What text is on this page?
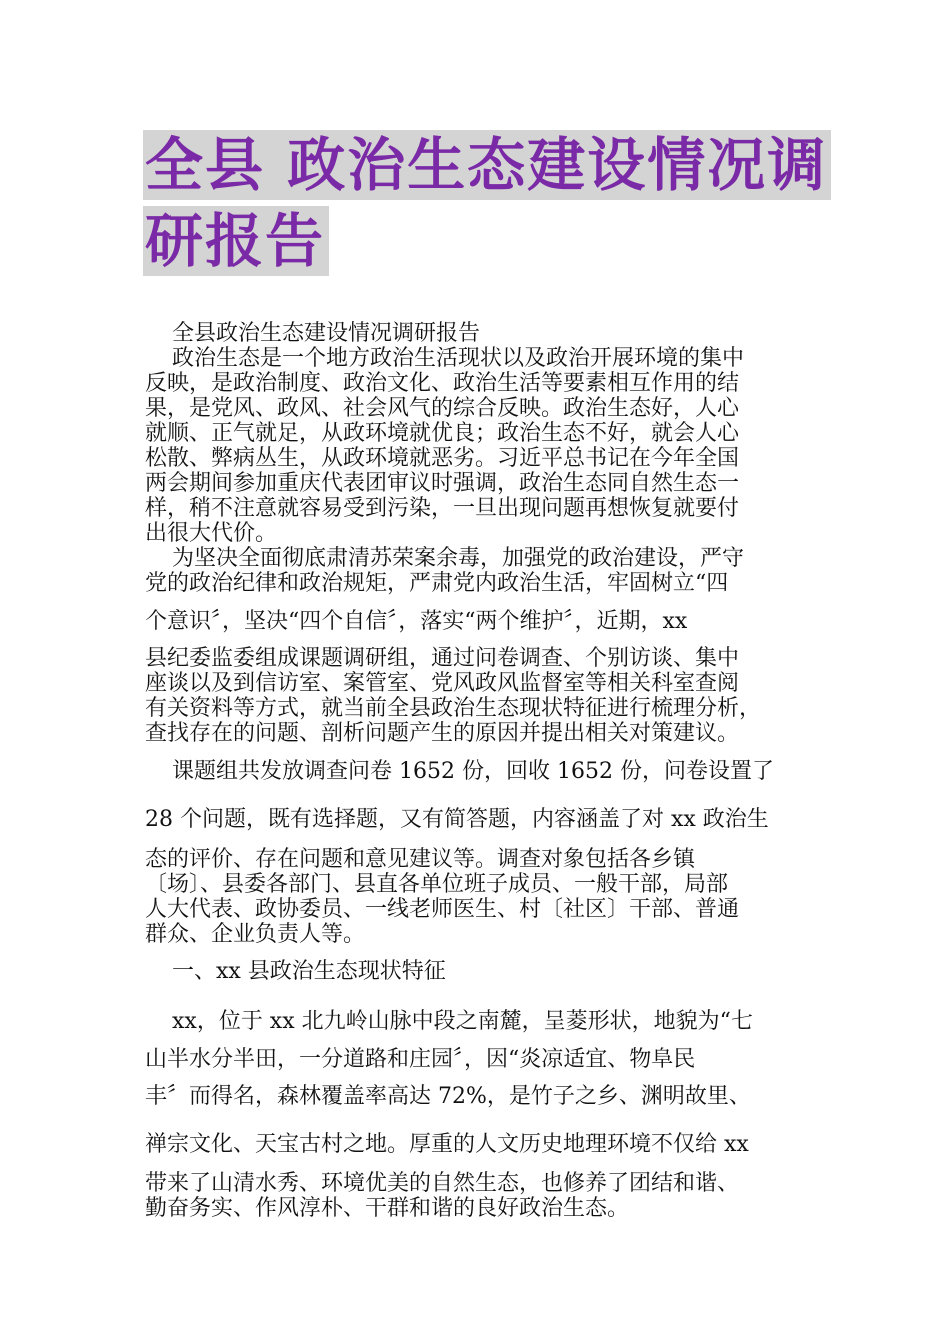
全县 政治生态建设情况调
研报告
全县政治生态建设情况调研报告
政治生态是一个地方政治生活现状以及政治开展环境的集中
反映，是政治制度、政治文化、政治生活等要素相互作用的结
果，是党风、政风、社会风气的综合反映。政治生态好，人心
就顺、正气就足，从政环境就优良；政治生态不好，就会人心
松散、弊病丛生，从政环境就恶劣。习近平总书记在今年全国
两会期间参加重庆代表团审议时强调，政治生态同自然生态一
样，稍不注意就容易受到污染，一旦出现问题再想恢复就要付
出很大代价。
为坚决全面彻底肃清苏荣案余毒，加强党的政治建设，严守
党的政治纪律和政治规矩，严肃党内政治生活，牢固树立“四
个意识〞，坚决“四个自信〞，落实“两个维护〞，近期，xx
县纪委监委组成课题调研组，通过问卷调查、个别访谈、集中
座谈以及到信访室、案管室、党风政风监督室等相关科室查阅
有关资料等方式，就当前全县政治生态现状特征进行梳理分析，
查找存在的问题、剖析问题产生的原因并提出相关对策建议。
课题组共发放调查问卷 1652 份，回收 1652 份，问卷设置了
28 个问题，既有选择题，又有简答题，内容涵盖了对 xx 政治生
态的评价、存在问题和意见建议等。调查对象包括各乡镇
〔场〕、县委各部门、县直各单位班子成员、一般干部，局部
人大代表、政协委员、一线老师医生、村〔社区〕干部、普通
群众、企业负责人等。
一、xx 县政治生态现状特征
xx，位于 xx 北九岭山脉中段之南麓，呈菱形状，地貌为“七
山半水分半田，一分道路和庄园〞，因“炎凉适宜、物阜民
丰〞而得名，森林覆盖率高达 72%，是竹子之乡、渊明故里、
禅宗文化、天宝古村之地。厚重的人文历史地理环境不仅给 xx
带来了山清水秀、环境优美的自然生态，也修养了团结和谐、
勤奋务实、作风淳朴、干群和谐的良好政治生态。
